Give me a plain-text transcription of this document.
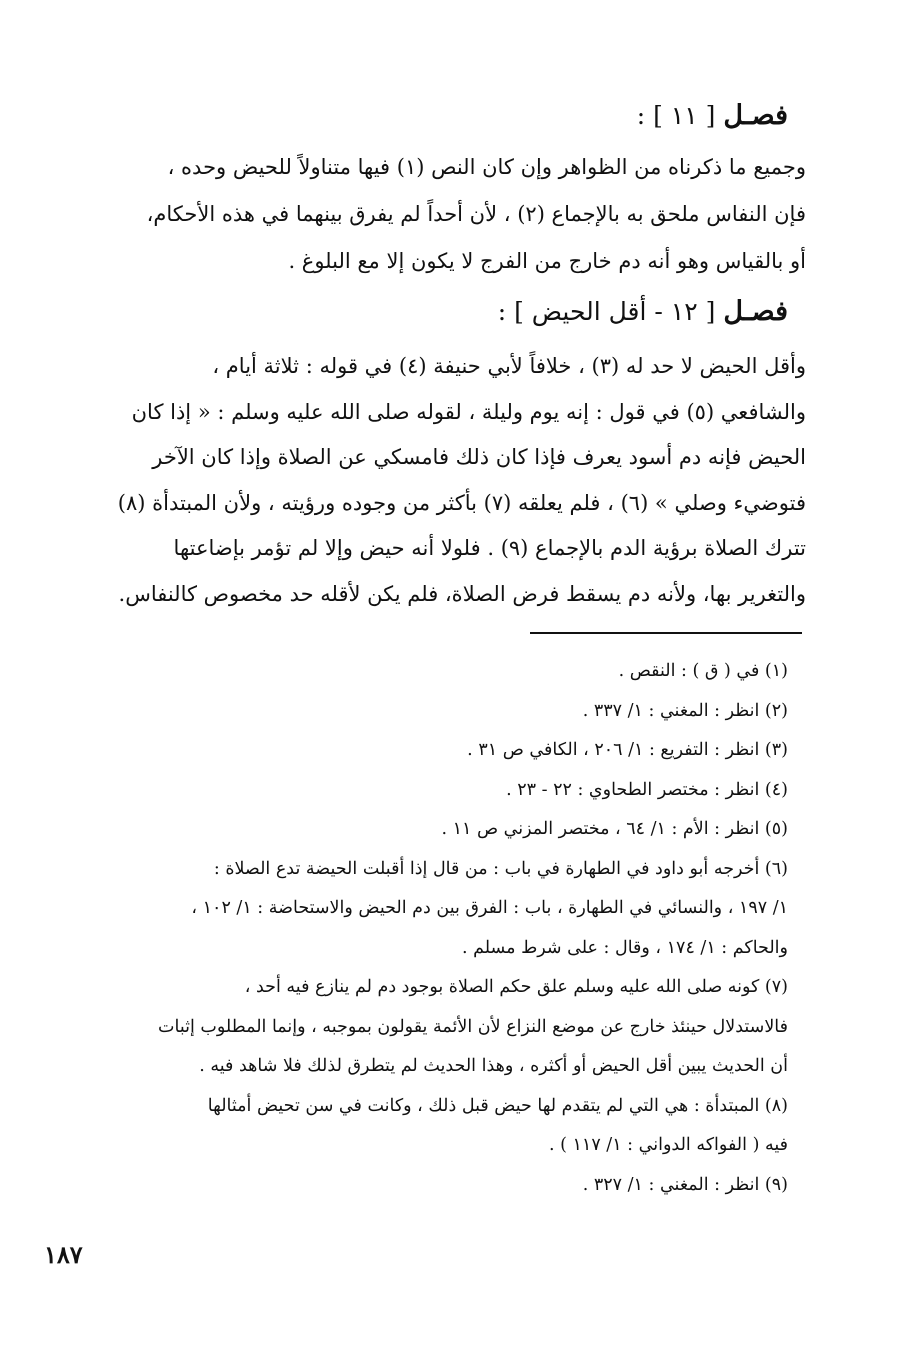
فصـل [ ١١ ] :

وجميع ما ذكرناه من الظواهر وإن كان النص (١) فيها متناولاً للحيض وحده ،

فإن النفاس ملحق به بالإجماع (٢) ، لأن أحداً لم يفرق بينهما في هذه الأحكام،

أو بالقياس وهو أنه دم خارج من الفرج لا يكون إلا مع البلوغ .

فصـل [ ١٢ - أقل الحيض ] :

وأقل الحيض لا حد له (٣) ، خلافاً لأبي حنيفة (٤) في قوله : ثلاثة أيام ،

والشافعي (٥) في قول : إنه يوم وليلة ، لقوله صلى الله عليه وسلم : « إذا كان

الحيض فإنه دم أسود يعرف فإذا كان ذلك فامسكي عن الصلاة وإذا كان الآخر

فتوضيء وصلي » (٦) ، فلم يعلقه (٧) بأكثر من وجوده ورؤيته ، ولأن المبتدأة (٨)

تترك الصلاة برؤية الدم بالإجماع (٩) . فلولا أنه حيض وإلا لم تؤمر بإضاعتها

والتغرير بها، ولأنه دم يسقط فرض الصلاة، فلم يكن لأقله حد مخصوص كالنفاس.

(١) في ( ق ) : النقص .

(٢) انظر : المغني : ١/ ٣٣٧ .

(٣) انظر : التفريع : ١/ ٢٠٦ ، الكافي ص ٣١ .

(٤) انظر : مختصر الطحاوي : ٢٢ - ٢٣ .

(٥) انظر : الأم : ١/ ٦٤ ، مختصر المزني ص ١١ .

(٦) أخرجه أبو داود في الطهارة في باب : من قال إذا أقبلت الحيضة تدع الصلاة :

١/ ١٩٧ ، والنسائي في الطهارة ، باب : الفرق بين دم الحيض والاستحاضة : ١/ ١٠٢ ،

والحاكم : ١/ ١٧٤ ، وقال : على شرط مسلم .

(٧) كونه صلى الله عليه وسلم علق حكم الصلاة بوجود دم لم ينازع فيه أحد ،

فالاستدلال حينئذ خارج عن موضع النزاع لأن الأئمة يقولون بموجبه ، وإنما المطلوب إثبات

أن الحديث يبين أقل الحيض أو أكثره ، وهذا الحديث لم يتطرق لذلك فلا شاهد فيه .

(٨) المبتدأة : هي التي لم يتقدم لها حيض قبل ذلك ، وكانت في سن تحيض أمثالها

فيه ( الفواكه الدواني : ١/ ١١٧ ) .

(٩) انظر : المغني : ١/ ٣٢٧ .

١٨٧
